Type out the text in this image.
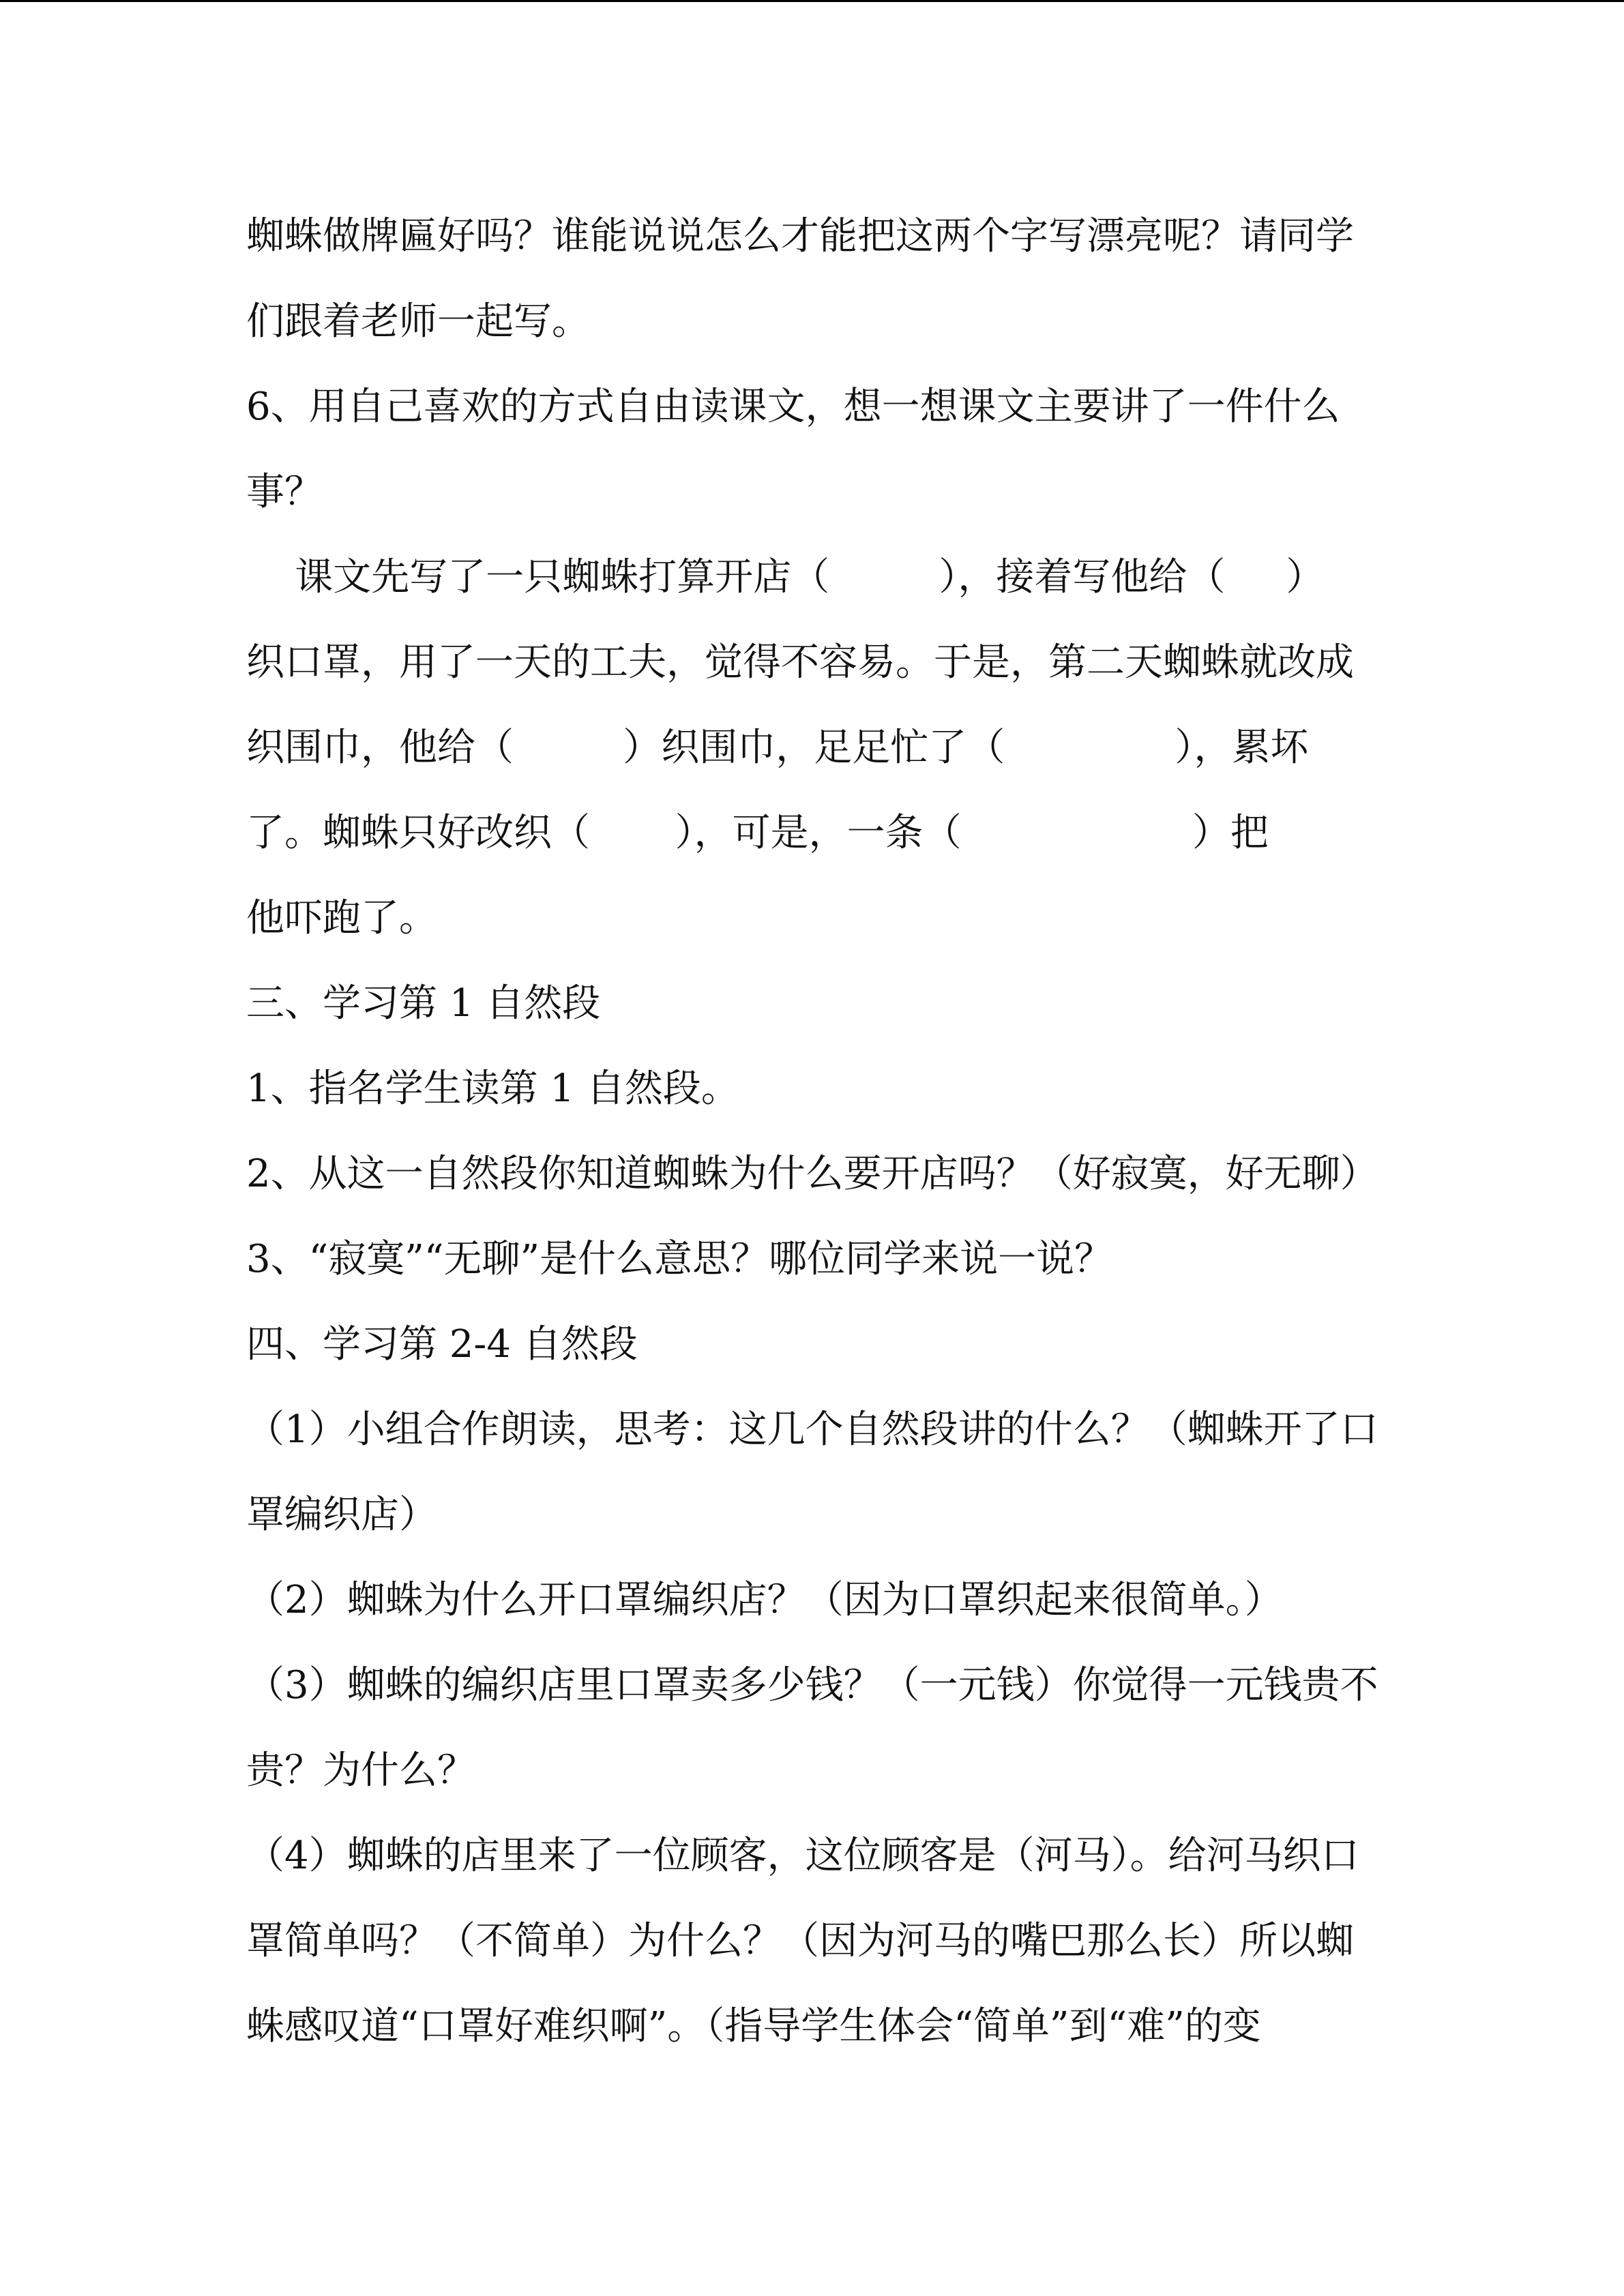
蜘蛛做牌匾好吗？谁能说说怎么才能把这两个字写漂亮呢？请同学
们跟着老师一起写。
6、用自己喜欢的方式自由读课文，想一想课文主要讲了一件什么
事？
课文先写了一只蜘蛛打算开店（         ），接着写他给（     ）
织口罩，用了一天的工夫，觉得不容易。于是，第二天蜘蛛就改成
织围巾，他给（         ）织围巾，足足忙了（              ），累坏
了。蜘蛛只好改织（       ），可是，一条（                   ）把
他吓跑了。
三、学习第 1 自然段
1、指名学生读第 1 自然段。
2、从这一自然段你知道蜘蛛为什么要开店吗？（好寂寞，好无聊）
3、“寂寞”“无聊”是什么意思？哪位同学来说一说？
四、学习第 2-4 自然段
（1）小组合作朗读，思考：这几个自然段讲的什么？（蜘蛛开了口
罩编织店）
（2）蜘蛛为什么开口罩编织店？（因为口罩织起来很简单。）
（3）蜘蛛的编织店里口罩卖多少钱？（一元钱）你觉得一元钱贵不
贵？为什么？
（4）蜘蛛的店里来了一位顾客，这位顾客是（河马）。给河马织口
罩简单吗？（不简单）为什么？（因为河马的嘴巴那么长）所以蜘
蛛感叹道“口罩好难织啊”。（指导学生体会“简单”到“难”的变
